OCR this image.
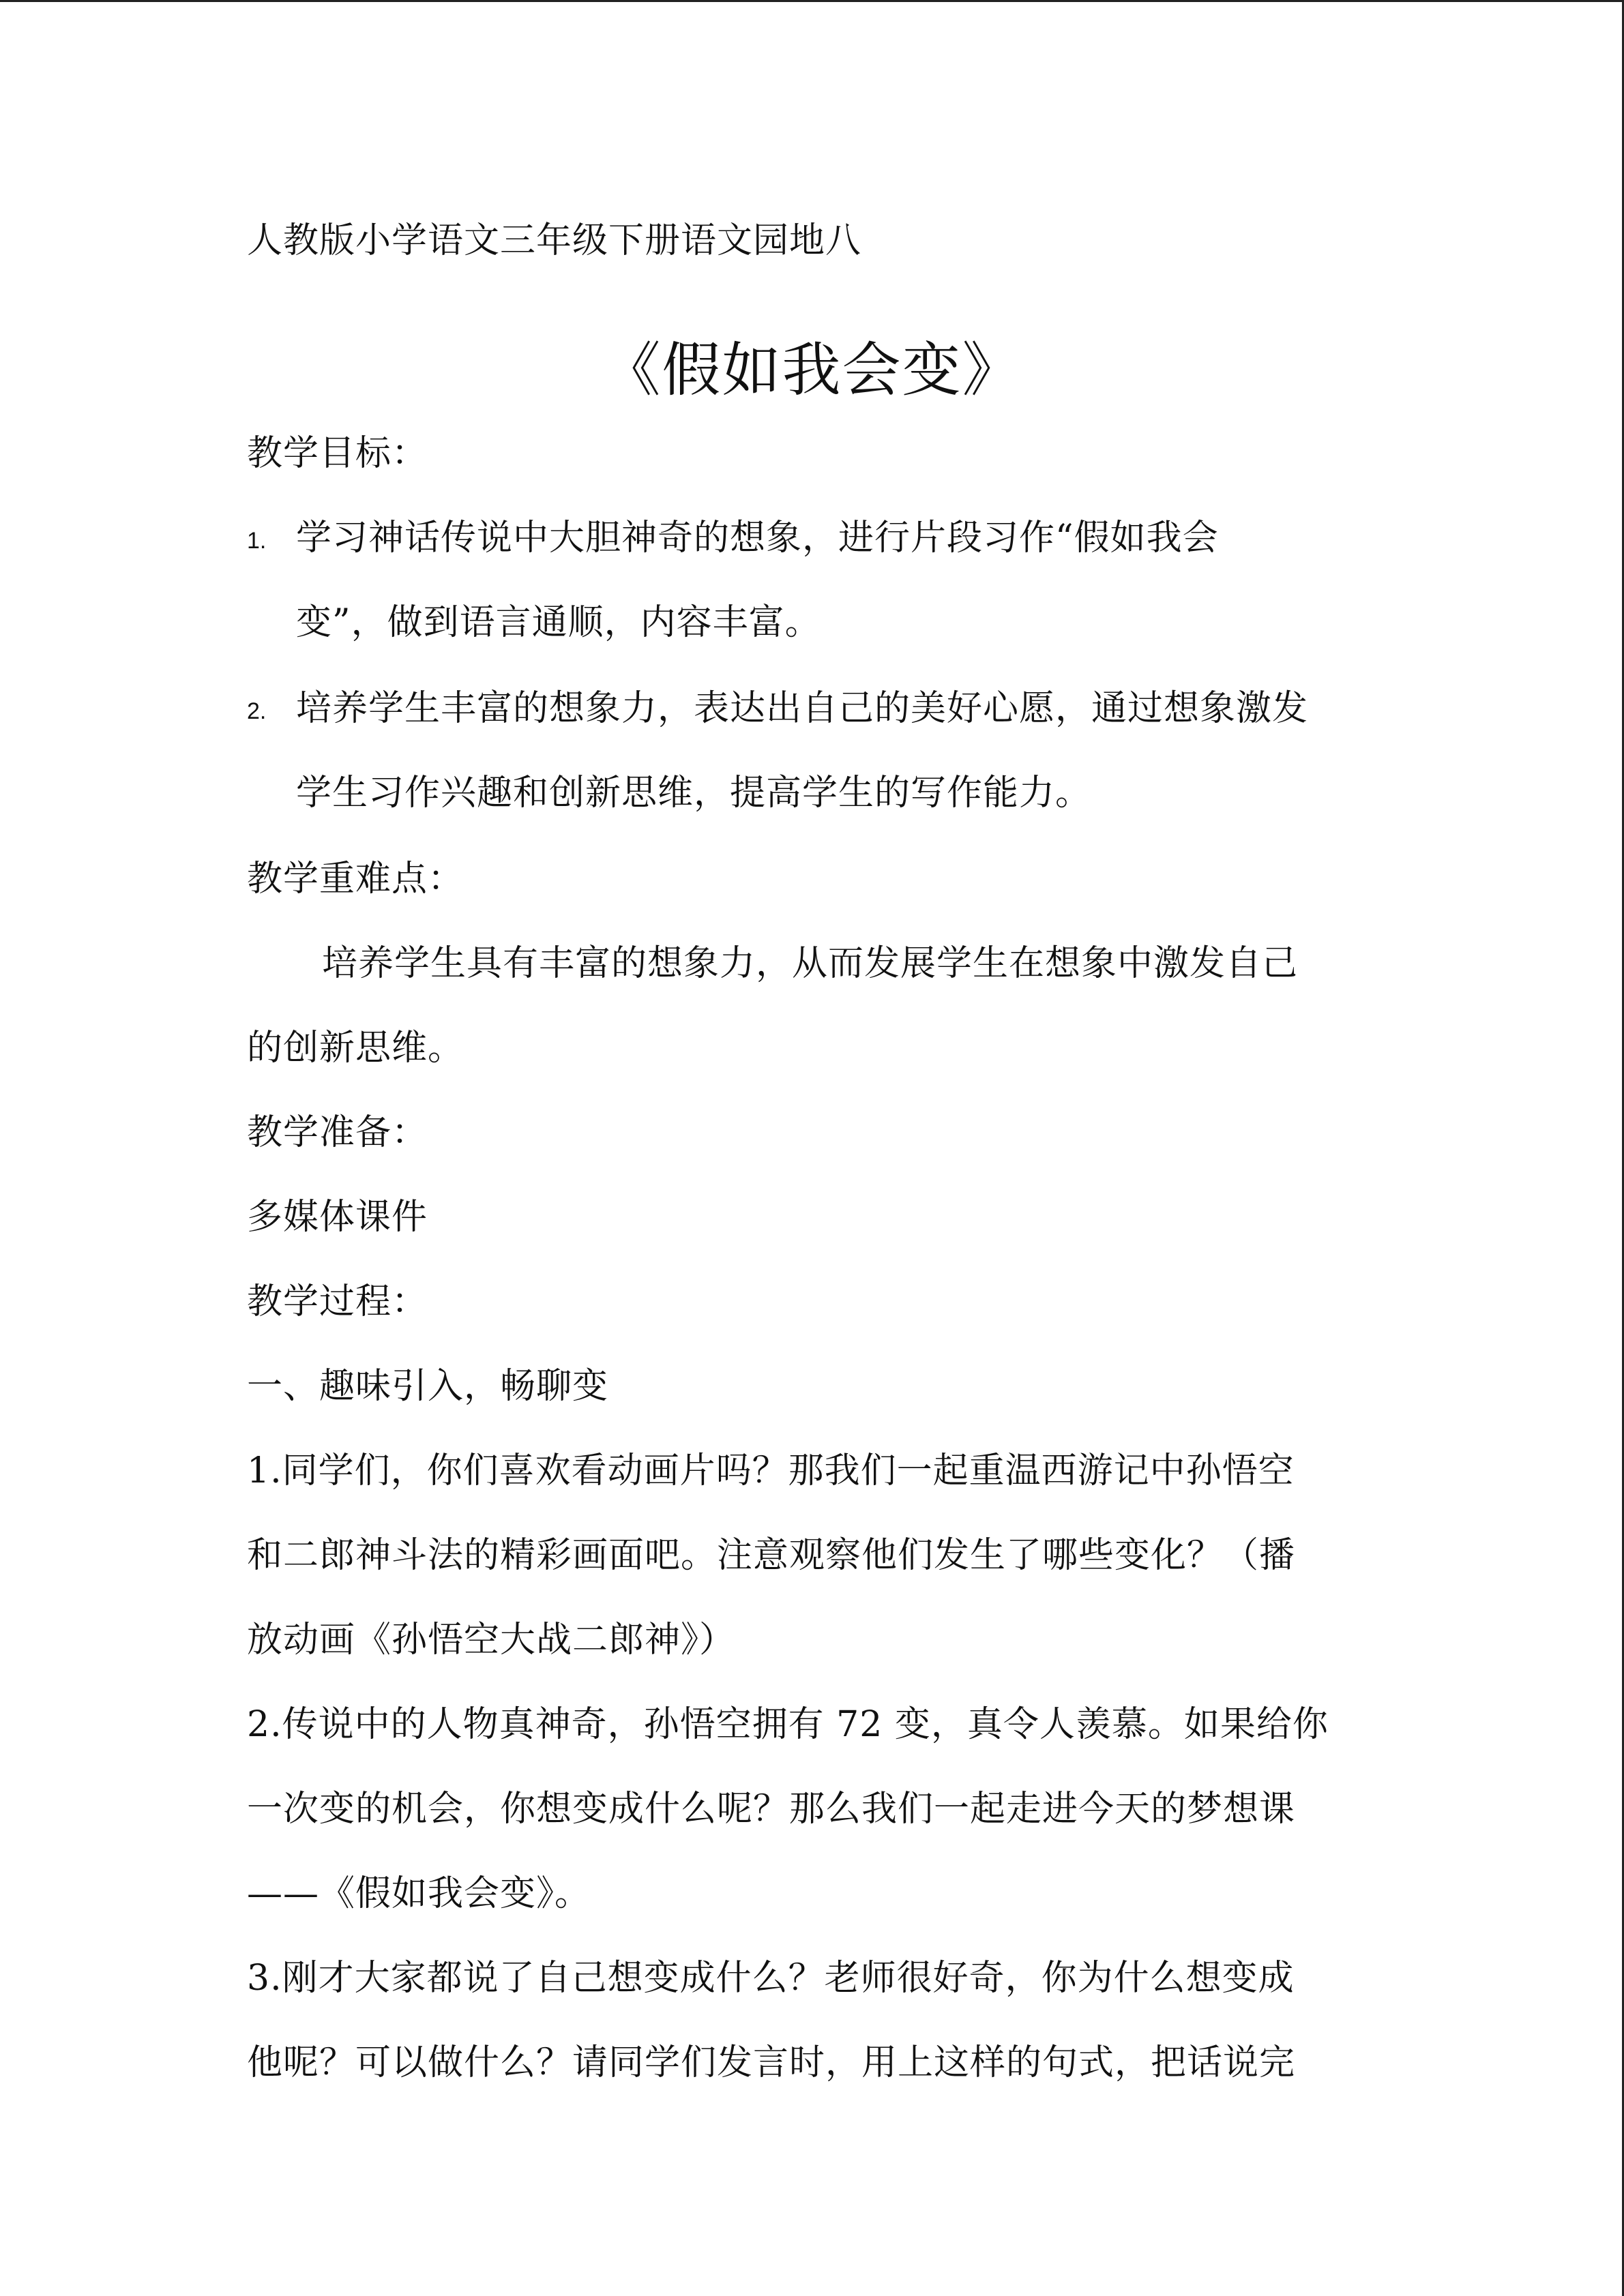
人教版小学语文三年级下册语文园地八
《假如我会变》
教学目标：
1. 学习神话传说中大胆神奇的想象，进行片段习作“假如我会
变”，做到语言通顺，内容丰富。
2. 培养学生丰富的想象力，表达出自己的美好心愿，通过想象激发
学生习作兴趣和创新思维，提高学生的写作能力。
教学重难点：
培养学生具有丰富的想象力，从而发展学生在想象中激发自己
的创新思维。
教学准备：
多媒体课件
教学过程：
一、趣味引入，畅聊变
1.同学们，你们喜欢看动画片吗？那我们一起重温西游记中孙悟空
和二郎神斗法的精彩画面吧。注意观察他们发生了哪些变化？（播
放动画《孙悟空大战二郎神》）
2.传说中的人物真神奇，孙悟空拥有 72 变，真令人羡慕。如果给你
一次变的机会，你想变成什么呢？那么我们一起走进今天的梦想课
——《假如我会变》。
3.刚才大家都说了自己想变成什么？老师很好奇，你为什么想变成
他呢？可以做什么？请同学们发言时，用上这样的句式，把话说完
